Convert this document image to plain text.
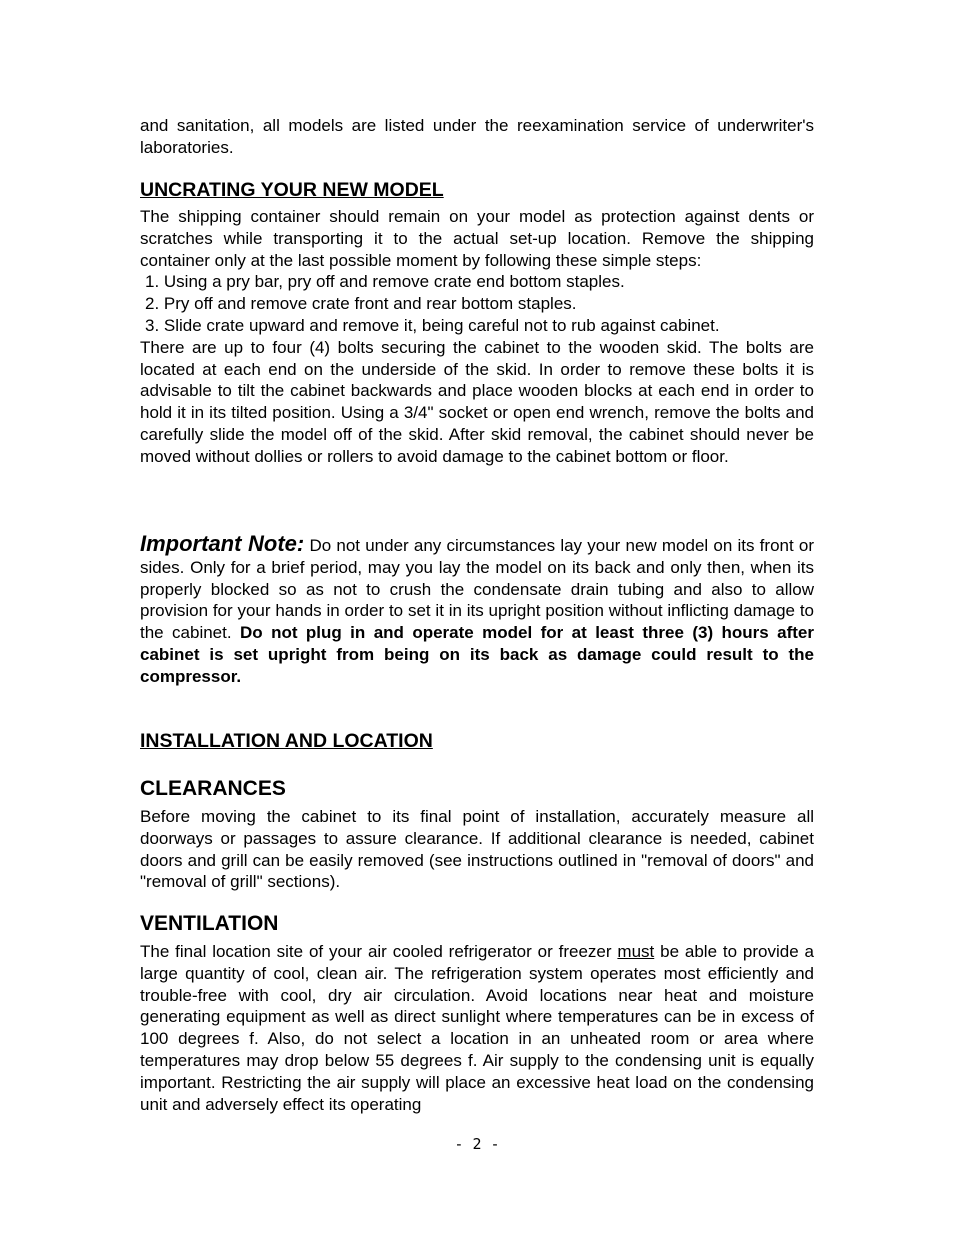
and sanitation, all models are listed under the reexamination service of underwriter's laboratories.

UNCRATING YOUR NEW MODEL

The shipping container should remain on your model as protection against dents or scratches while transporting it to the actual set-up location. Remove the shipping container only at the last possible moment by following these simple steps:

1. Using a pry bar, pry off and remove crate end bottom staples.

2. Pry off and remove crate front and rear bottom staples.

3. Slide crate upward and remove it, being careful not to rub against cabinet.

There are up to four (4) bolts securing the cabinet to the wooden skid. The bolts are located at each end on the underside of the skid. In order to remove these bolts it is advisable to tilt the cabinet backwards and place wooden blocks at each end in order to hold it in its tilted position. Using a 3/4" socket or open end wrench, remove the bolts and carefully slide the model off of the skid. After skid removal, the cabinet should never be moved without dollies or rollers to avoid damage to the cabinet bottom or floor.

Important Note: Do not under any circumstances lay your new model on its front or sides. Only for a brief period, may you lay the model on its back and only then, when its properly blocked so as not to crush the condensate drain tubing and also to allow provision for your hands in order to set it in its upright position without inflicting damage to the cabinet. Do not plug in and operate model for at least three (3) hours after cabinet is set upright from being on its back as damage could result to the compressor.

INSTALLATION AND LOCATION

CLEARANCES

Before moving the cabinet to its final point of installation, accurately measure all doorways or passages to assure clearance. If additional clearance is needed, cabinet doors and grill can be easily removed (see instructions outlined in "removal of doors" and "removal of grill" sections).

VENTILATION

The final location site of your air cooled refrigerator or freezer must be able to provide a large quantity of cool, clean air. The refrigeration system operates most efficiently and trouble-free with cool, dry air circulation. Avoid locations near heat and moisture generating equipment as well as direct sunlight where temperatures can be in excess of 100 degrees f. Also, do not select a location in an unheated room or area where temperatures may drop below 55 degrees f. Air supply to the condensing unit is equally important. Restricting the air supply will place an excessive heat load on the condensing unit and adversely effect its operating

- 2 -
